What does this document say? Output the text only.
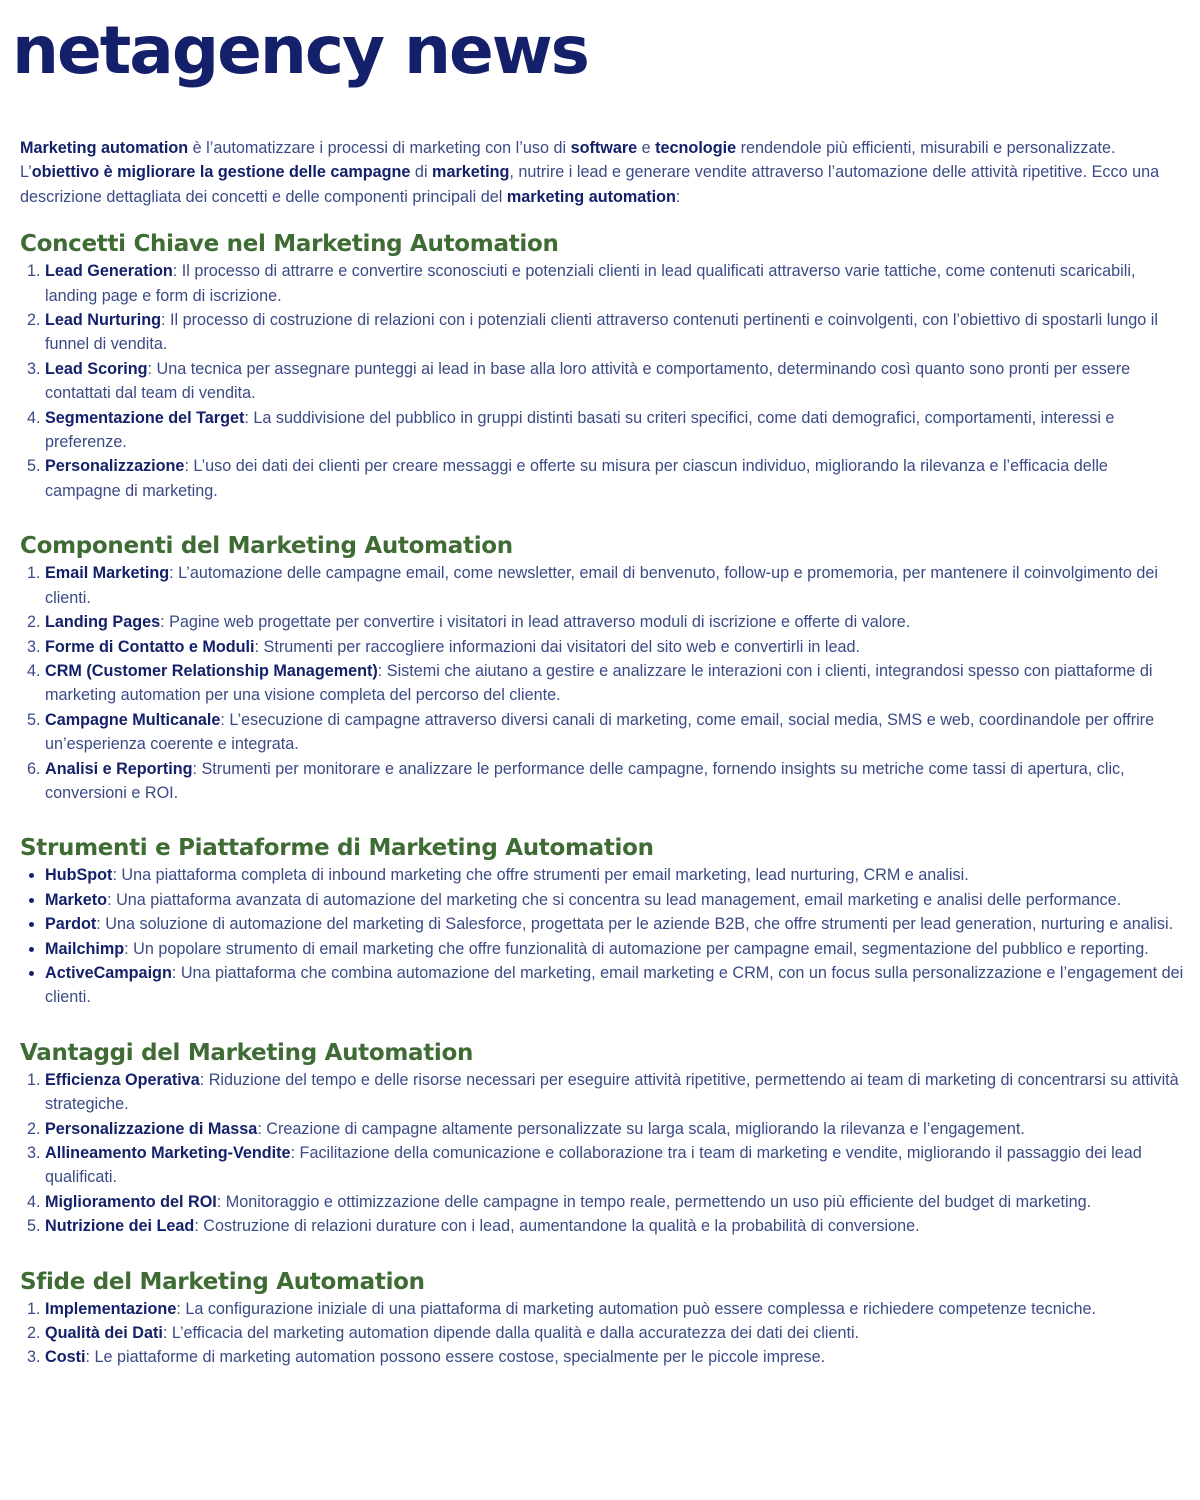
netagency news

Marketing automation è l’automatizzare i processi di marketing con l’uso di software e tecnologie rendendole più efficienti, misurabili e personalizzate. L’obiettivo è migliorare la gestione delle campagne di marketing, nutrire i lead e generare vendite attraverso l’automazione delle attività ripetitive. Ecco una descrizione dettagliata dei concetti e delle componenti principali del marketing automation:

Concetti Chiave nel Marketing Automation
1. Lead Generation: Il processo di attrarre e convertire sconosciuti e potenziali clienti in lead qualificati attraverso varie tattiche, come contenuti scaricabili, landing page e form di iscrizione.
2. Lead Nurturing: Il processo di costruzione di relazioni con i potenziali clienti attraverso contenuti pertinenti e coinvolgenti, con l’obiettivo di spostarli lungo il funnel di vendita.
3. Lead Scoring: Una tecnica per assegnare punteggi ai lead in base alla loro attività e comportamento, determinando così quanto sono pronti per essere contattati dal team di vendita.
4. Segmentazione del Target: La suddivisione del pubblico in gruppi distinti basati su criteri specifici, come dati demografici, comportamenti, interessi e preferenze.
5. Personalizzazione: L’uso dei dati dei clienti per creare messaggi e offerte su misura per ciascun individuo, migliorando la rilevanza e l’efficacia delle campagne di marketing.
Componenti del Marketing Automation
1. Email Marketing: L’automazione delle campagne email, come newsletter, email di benvenuto, follow-up e promemoria, per mantenere il coinvolgimento dei clienti.
2. Landing Pages: Pagine web progettate per convertire i visitatori in lead attraverso moduli di iscrizione e offerte di valore.
3. Forme di Contatto e Moduli: Strumenti per raccogliere informazioni dai visitatori del sito web e convertirli in lead.
4. CRM (Customer Relationship Management): Sistemi che aiutano a gestire e analizzare le interazioni con i clienti, integrandosi spesso con piattaforme di marketing automation per una visione completa del percorso del cliente.
5. Campagne Multicanale: L’esecuzione di campagne attraverso diversi canali di marketing, come email, social media, SMS e web, coordinandole per offrire un’esperienza coerente e integrata.
6. Analisi e Reporting: Strumenti per monitorare e analizzare le performance delle campagne, fornendo insights su metriche come tassi di apertura, clic, conversioni e ROI.
Strumenti e Piattaforme di Marketing Automation
• HubSpot: Una piattaforma completa di inbound marketing che offre strumenti per email marketing, lead nurturing, CRM e analisi.
• Marketo: Una piattaforma avanzata di automazione del marketing che si concentra su lead management, email marketing e analisi delle performance.
• Pardot: Una soluzione di automazione del marketing di Salesforce, progettata per le aziende B2B, che offre strumenti per lead generation, nurturing e analisi.
• Mailchimp: Un popolare strumento di email marketing che offre funzionalità di automazione per campagne email, segmentazione del pubblico e reporting.
• ActiveCampaign: Una piattaforma che combina automazione del marketing, email marketing e CRM, con un focus sulla personalizzazione e l’engagement dei clienti.
Vantaggi del Marketing Automation
1. Efficienza Operativa: Riduzione del tempo e delle risorse necessari per eseguire attività ripetitive, permettendo ai team di marketing di concentrarsi su attività strategiche.
2. Personalizzazione di Massa: Creazione di campagne altamente personalizzate su larga scala, migliorando la rilevanza e l’engagement.
3. Allineamento Marketing-Vendite: Facilitazione della comunicazione e collaborazione tra i team di marketing e vendite, migliorando il passaggio dei lead qualificati.
4. Miglioramento del ROI: Monitoraggio e ottimizzazione delle campagne in tempo reale, permettendo un uso più efficiente del budget di marketing.
5. Nutrizione dei Lead: Costruzione di relazioni durature con i lead, aumentandone la qualità e la probabilità di conversione.
Sfide del Marketing Automation
1. Implementazione: La configurazione iniziale di una piattaforma di marketing automation può essere complessa e richiedere competenze tecniche.
2. Qualità dei Dati: L’efficacia del marketing automation dipende dalla qualità e dalla accuratezza dei dati dei clienti.
3. Costi: Le piattaforme di marketing automation possono essere costose, specialmente per le piccole imprese.
